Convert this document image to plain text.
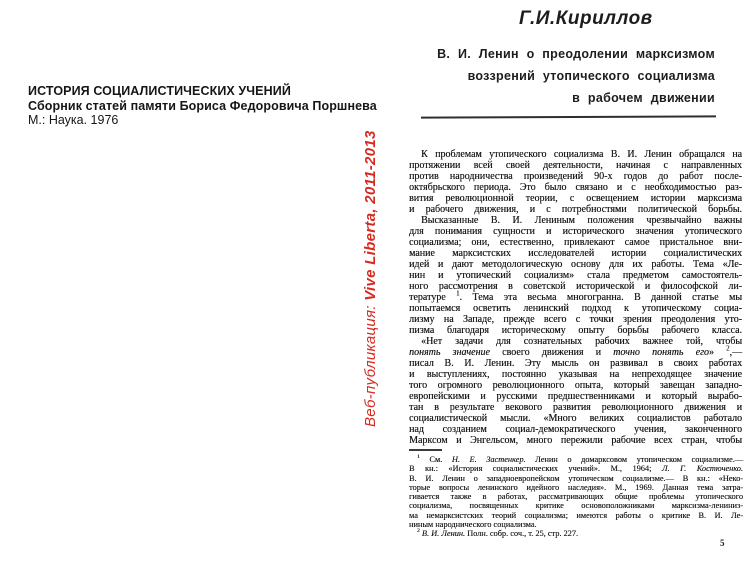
ИСТОРИЯ СОЦИАЛИСТИЧЕСКИХ УЧЕНИЙ
Сборник статей памяти Бориса Федоровича Поршнева
М.: Наука. 1976
Веб-публикация: Vive Liberta, 2011-2013
Г.И.Кириллов
В. И. Ленин о преодолении марксизмом
воззрений утопического социализма
в рабочем движении
К проблемам утопического социализма В. И. Ленин обращался на
протяжении всей своей деятельности, начиная с направленных
против народничества произведений 90-х годов до работ после-
октябрьского периода. Это было связано и с необходимостью раз-
вития революционной теории, с освещением истории марксизма
и рабочего движения, и с потребностями политической борьбы.
Высказанные В. И. Лениным положения чрезвычайно важны
для понимания сущности и исторического значения утопического
социализма; они, естественно, привлекают самое пристальное вни-
мание марксистских исследователей истории социалистических
идей и дают методологическую основу для их работы. Тема «Ле-
нин и утопический социализм» стала предметом самостоятель-
ного рассмотрения в советской исторической и философской ли-
тературе $^1$. Тема эта весьма многогранна. В данной статье мы
попытаемся осветить ленинский подход к утопическому социа-
лизму на Западе, прежде всего с точки зрения преодоления уто-
пизма благодаря историческому опыту борьбы рабочего класса.
«Нет задачи для сознательных рабочих важнее той, чтобы
понять значение своего движения и точно понять его» $^2$,—
писал В. И. Ленин. Эту мысль он развивал в своих работах
и выступлениях, постоянно указывая на непреходящее значение
того огромного революционного опыта, который завещан западно-
европейскими и русскими предшественниками и который вырабо-
тан в результате векового развития революционного движения и
социалистической мысли. «Много великих социалистов работало
над созданием социал-демократического учения, законченного
Марксом и Энгельсом, много пережили рабочие всех стран, чтобы
$^1$ См. Н. Е. Застенкер. Ленин о домарксовом утопическом социализме.—
В кн.: «История социалистических учений». М., 1964; Л. Г. Костюченко.
В. И. Ленин о западноевропейском утопическом социализме.— В кн.: «Неко-
торые вопросы ленинского идейного наследия». М., 1969. Данная тема затра-
гивается также в работах, рассматривающих общие проблемы утопического
социализма, посвященных критике основоположниками марксизма-лениниз-
ма немарксистских теорий социализма; имеются работы о критике В. И. Ле-
ниным народнического социализма.
$^2$ В. И. Ленин. Полн. собр. соч., т. 25, стр. 227.
5
